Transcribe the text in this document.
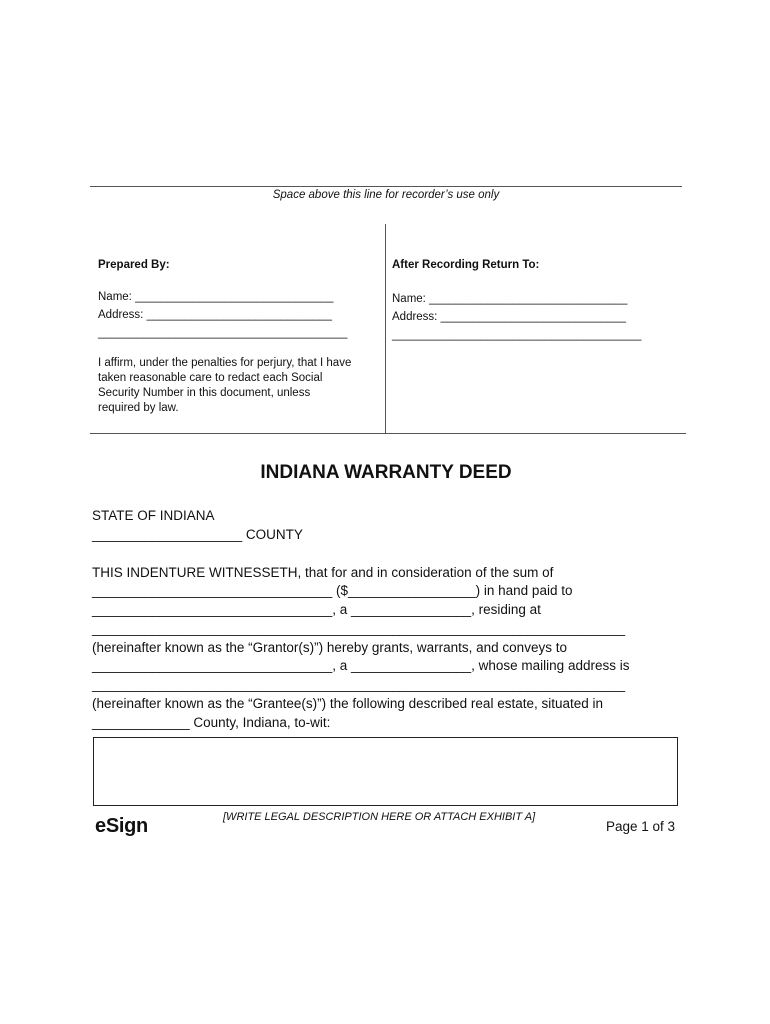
Space above this line for recorder’s use only
Prepared By:
Name: _______________________________
Address: _____________________________
_______________________________________
I affirm, under the penalties for perjury, that I have
taken reasonable care to redact each Social
Security Number in this document, unless
required by law.
After Recording Return To:
Name: _______________________________
Address: _____________________________
_______________________________________
INDIANA WARRANTY DEED
STATE OF INDIANA
____________________ COUNTY
THIS INDENTURE WITNESSETH, that for and in consideration of the sum of
________________________________ ($_________________) in hand paid to
________________________________, a ________________, residing at
_______________________________________________________________________
(hereinafter known as the “Grantor(s)”) hereby grants, warrants, and conveys to
________________________________, a ________________, whose mailing address is
_______________________________________________________________________
(hereinafter known as the “Grantee(s)”) the following described real estate, situated in
_____________ County, Indiana, to-wit:
[WRITE LEGAL DESCRIPTION HERE OR ATTACH EXHIBIT A]
eSign	Page 1 of 3
